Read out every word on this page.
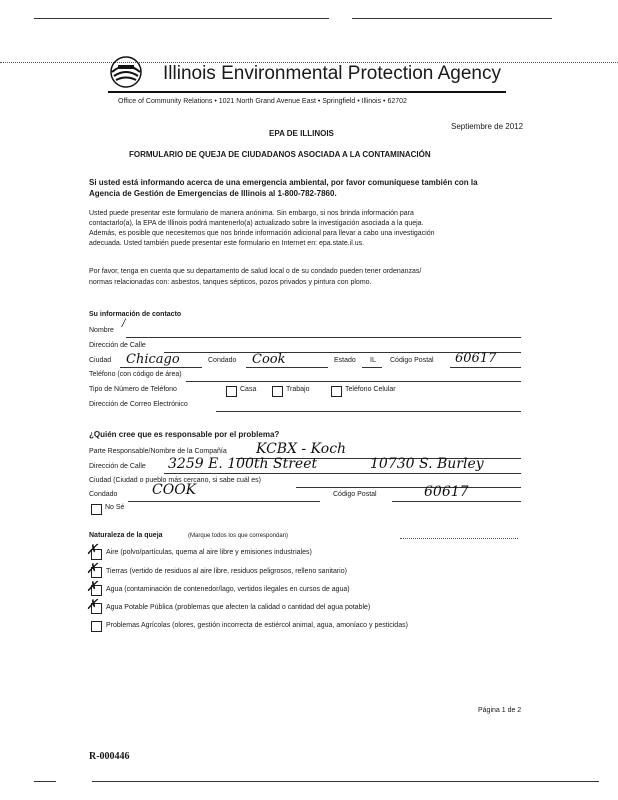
Illinois Environmental Protection Agency
Office of Community Relations • 1021 North Grand Avenue East • Springfield • Illinois • 62702
Septiembre de 2012
EPA DE ILLINOIS
FORMULARIO DE QUEJA DE CIUDADANOS ASOCIADA A LA CONTAMINACIÓN
Si usted está informando acerca de una emergencia ambiental, por favor comuníquese también con la
Agencia de Gestión de Emergencias de Illinois al 1-800-782-7860.
Usted puede presentar este formulario de manera anónima. Sin embargo, si nos brinda información para
contactarlo(a), la EPA de Illinois podrá mantenerlo(a) actualizado sobre la investigación asociada a la queja.
Además, es posible que necesitemos que nos brinde información adicional para llevar a cabo una investigación
adecuada. Usted también puede presentar este formulario en Internet en: epa.state.il.us.
Por favor, tenga en cuenta que su departamento de salud local o de su condado pueden tener ordenanzas/
normas relacionadas con: asbestos, tanques sépticos, pozos privados y pintura con plomo.
Su información de contacto
Nombre
/
Dirección de Calle
Ciudad Chicago	Condado Cook	Estado IL Código Postal 60617
Teléfono (con código de área)
Tipo de Número de Teléfono	Casa	Trabajo	Teléfono Celular
Dirección de Correo Electrónico
¿Quién cree que es responsable por el problema?
Parte Responsable/Nombre de la Compañía KCBX - Koch
Dirección de Calle 3259 E. 100th Street	10730 S. Burley
Ciudad (Ciudad o pueblo más cercano, si sabe cuál es)
Condado COOK	Código Postal	60617
No Sé
Naturaleza de la queja	(Marque todos los que correspondan)
✗ Aire (polvo/partículas, quema al aire libre y emisiones industriales)
✗ Tierras (vertido de residuos al aire libre, residuos peligrosos, relleno sanitario)
✗ Agua (contaminación de contenedor/lago, vertidos ilegales en cursos de agua)
✗ Agua Potable Pública (problemas que afecten la calidad o cantidad del agua potable)
Problemas Agrícolas (olores, gestión incorrecta de estiércol animal, agua, amoníaco y pesticidas)
Página 1 de 2
R-000446
